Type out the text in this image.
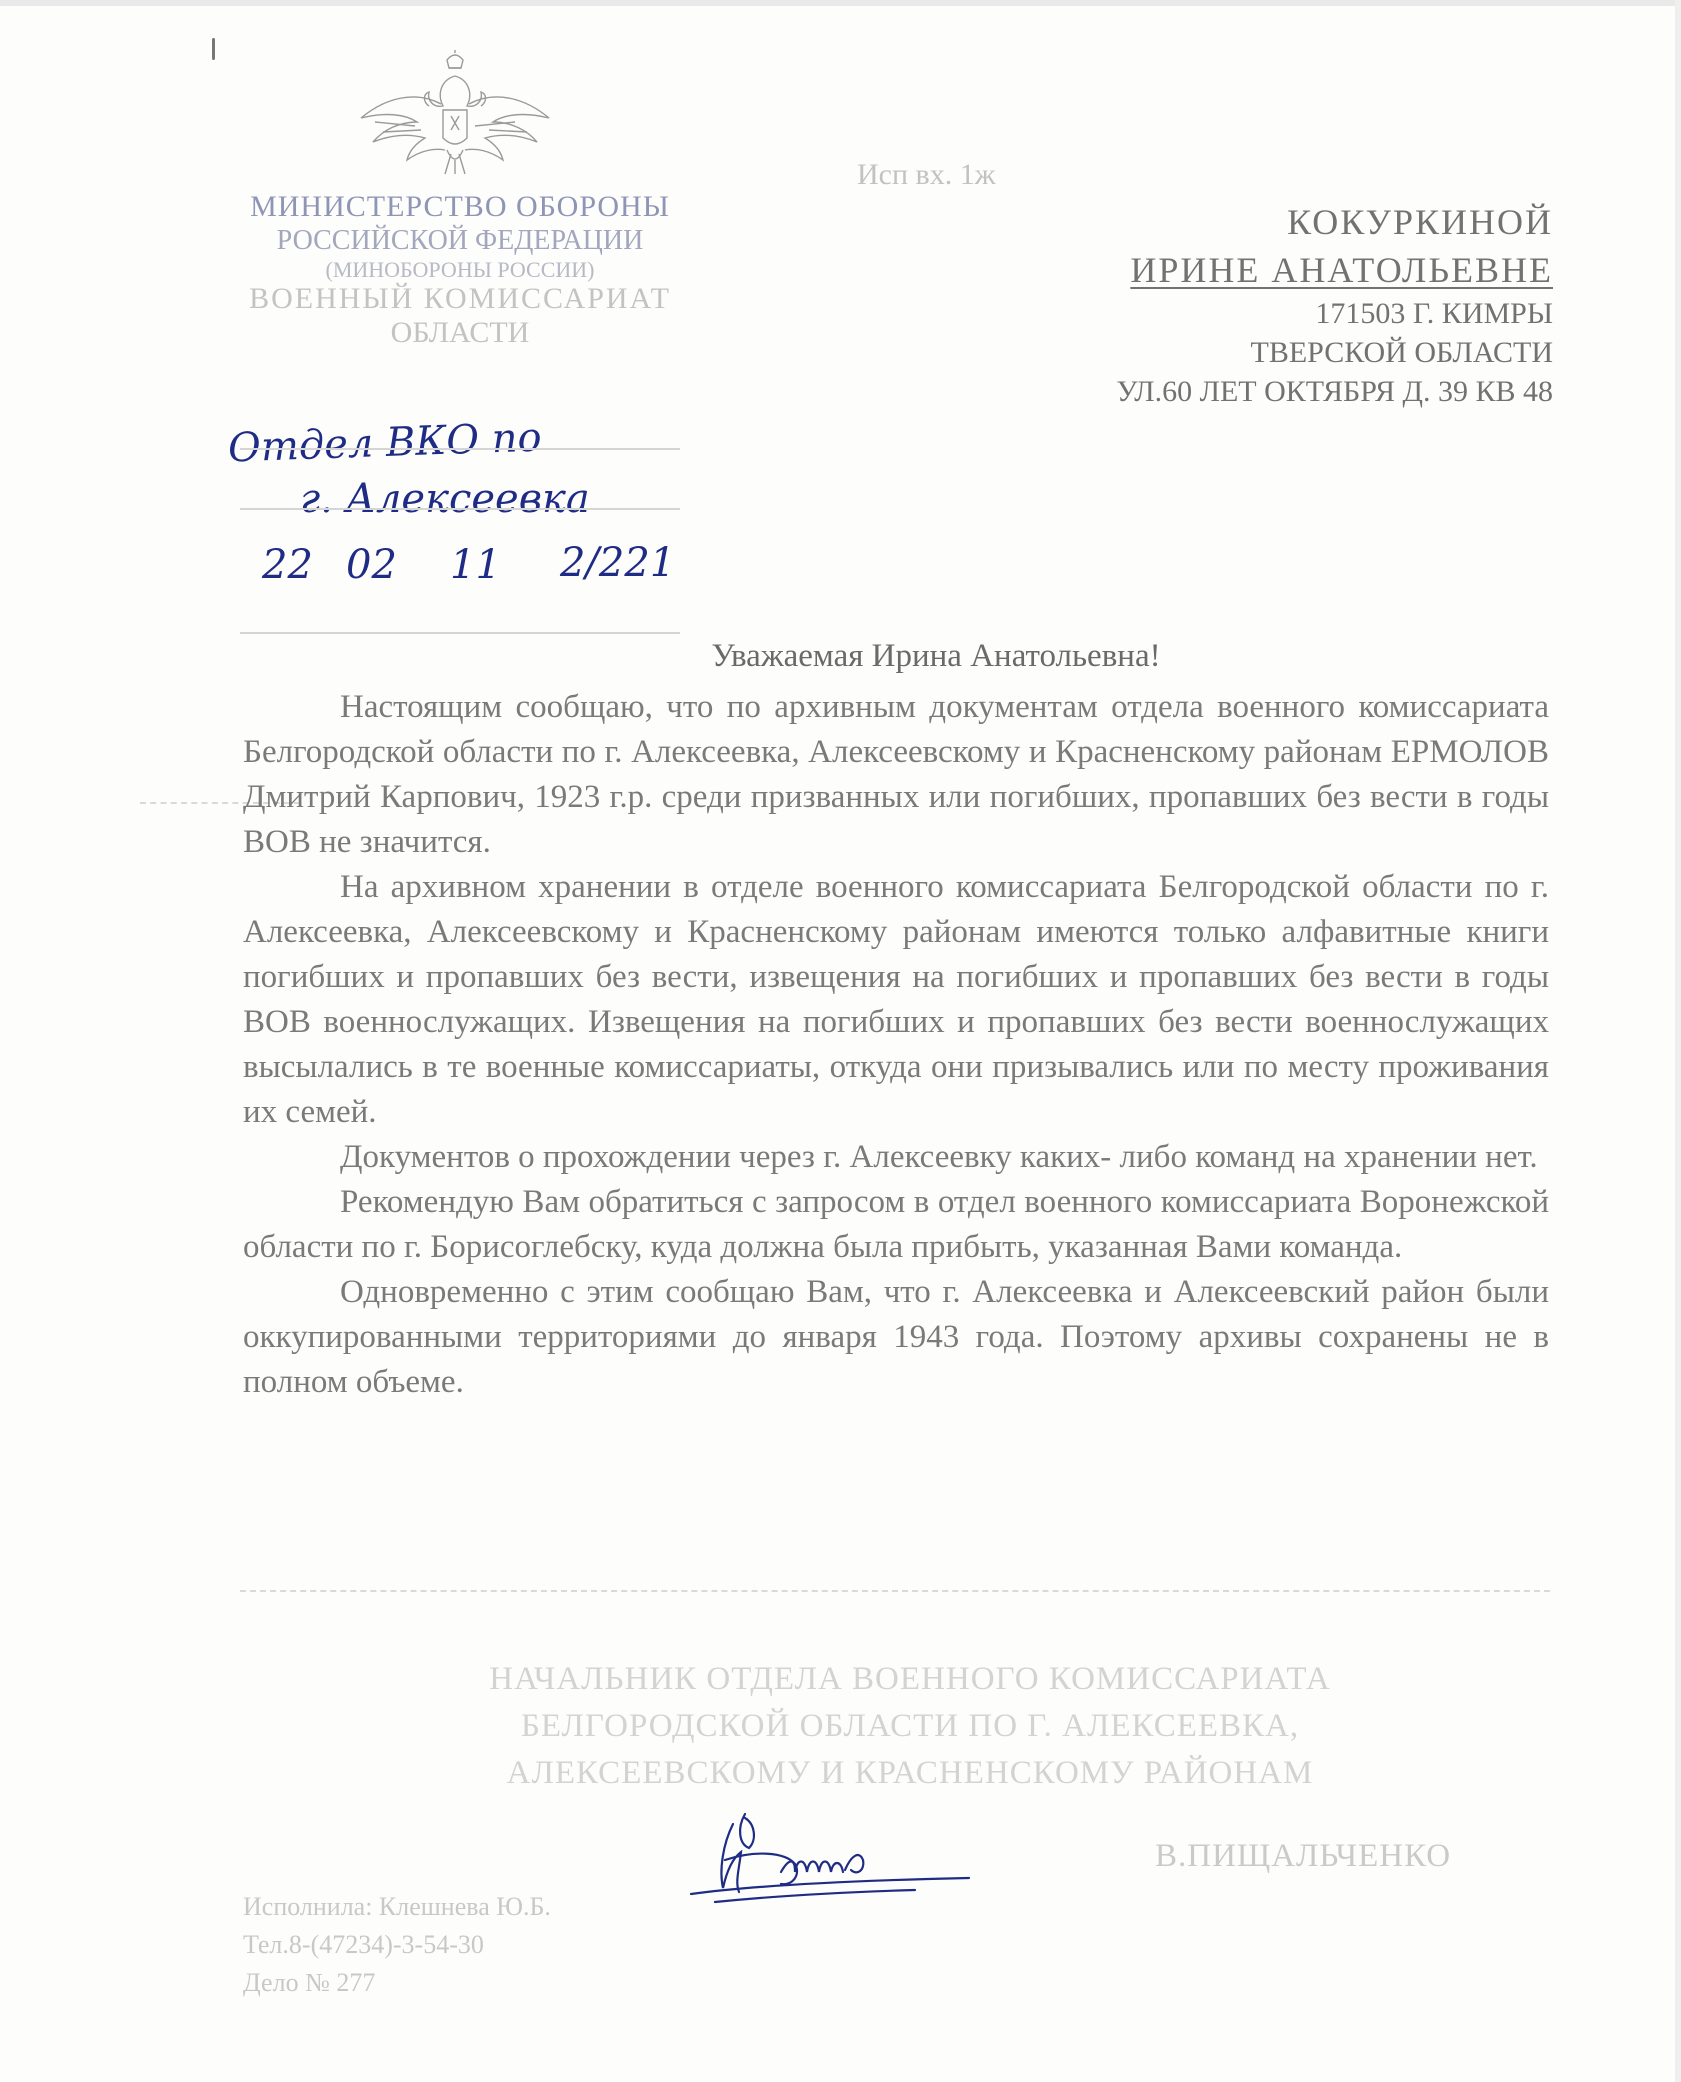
МИНИСТЕРСТВО ОБОРОНЫ
РОССИЙСКОЙ ФЕДЕРАЦИИ
(МИНОБОРОНЫ РОССИИ)
ВОЕННЫЙ КОМИССАРИАТ
ОБЛАСТИ
Исп вх. 1ж
КОКУРКИНОЙ
ИРИНЕ АНАТОЛЬЕВНЕ
171503 Г. КИМРЫ
ТВЕРСКОЙ ОБЛАСТИ
УЛ.60 ЛЕТ ОКТЯБРЯ Д. 39 КВ 48
Отдел ВКО по
г. Алексеевка
22 02 11 2/221
Уважаемая Ирина Анатольевна!

Настоящим сообщаю, что по архивным документам отдела военного комиссариата Белгородской области по г. Алексеевка, Алексеевскому и Красненскому районам ЕРМОЛОВ Дмитрий Карпович, 1923 г.р. среди призванных или погибших, пропавших без вести в годы ВОВ не значится.

На архивном хранении в отделе военного комиссариата Белгородской области по г. Алексеевка, Алексеевскому и Красненскому районам имеются только алфавитные книги погибших и пропавших без вести, извещения на погибших и пропавших без вести в годы ВОВ военнослужащих. Извещения на погибших и пропавших без вести военнослужащих высылались в те военные комиссариаты, откуда они призывались или по месту проживания их семей.

Документов о прохождении через г. Алексеевку каких- либо команд на хранении нет.

Рекомендую Вам обратиться с запросом в отдел военного комиссариата Воронежской области по г. Борисоглебску, куда должна была прибыть, указанная Вами команда.

Одновременно с этим сообщаю Вам, что г. Алексеевка и Алексеевский район были оккупированными территориями до января 1943 года. Поэтому архивы сохранены не в полном объеме.

НАЧАЛЬНИК ОТДЕЛА ВОЕННОГО КОМИССАРИАТА
БЕЛГОРОДСКОЙ ОБЛАСТИ ПО Г. АЛЕКСЕЕВКА,
АЛЕКСЕЕВСКОМУ И КРАСНЕНСКОМУ РАЙОНАМ
В.ПИЩАЛЬЧЕНКО
Исполнила: Клешнева Ю.Б.
Тел.8-(47234)-3-54-30
Дело № 277
